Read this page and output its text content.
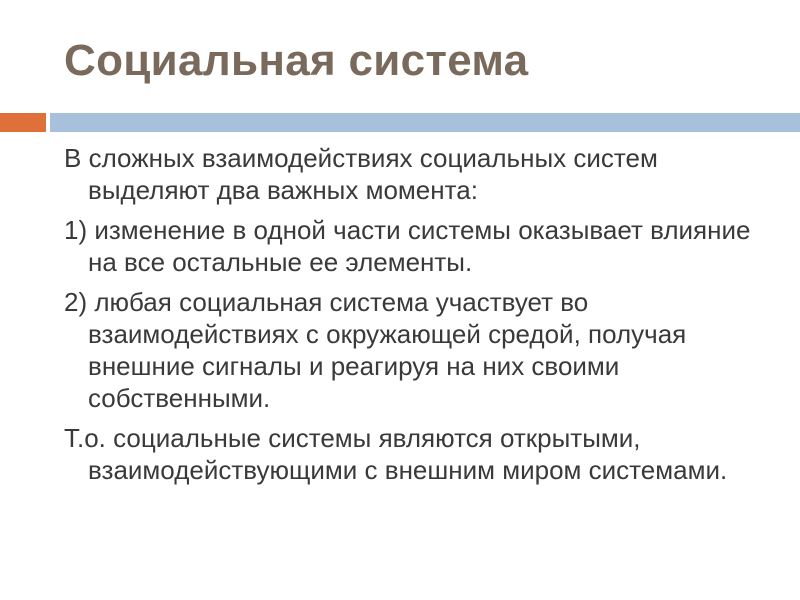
Социальная система

В сложных взаимодействиях социальных систем выделяют два важных момента:

1) изменение в одной части системы оказывает влияние на все остальные ее элементы.

2) любая социальная система участвует во взаимодействиях с окружающей средой, получая внешние сигналы и реагируя на них своими собственными.

Т.о. социальные системы являются открытыми, взаимодействующими с внешним миром системами.
